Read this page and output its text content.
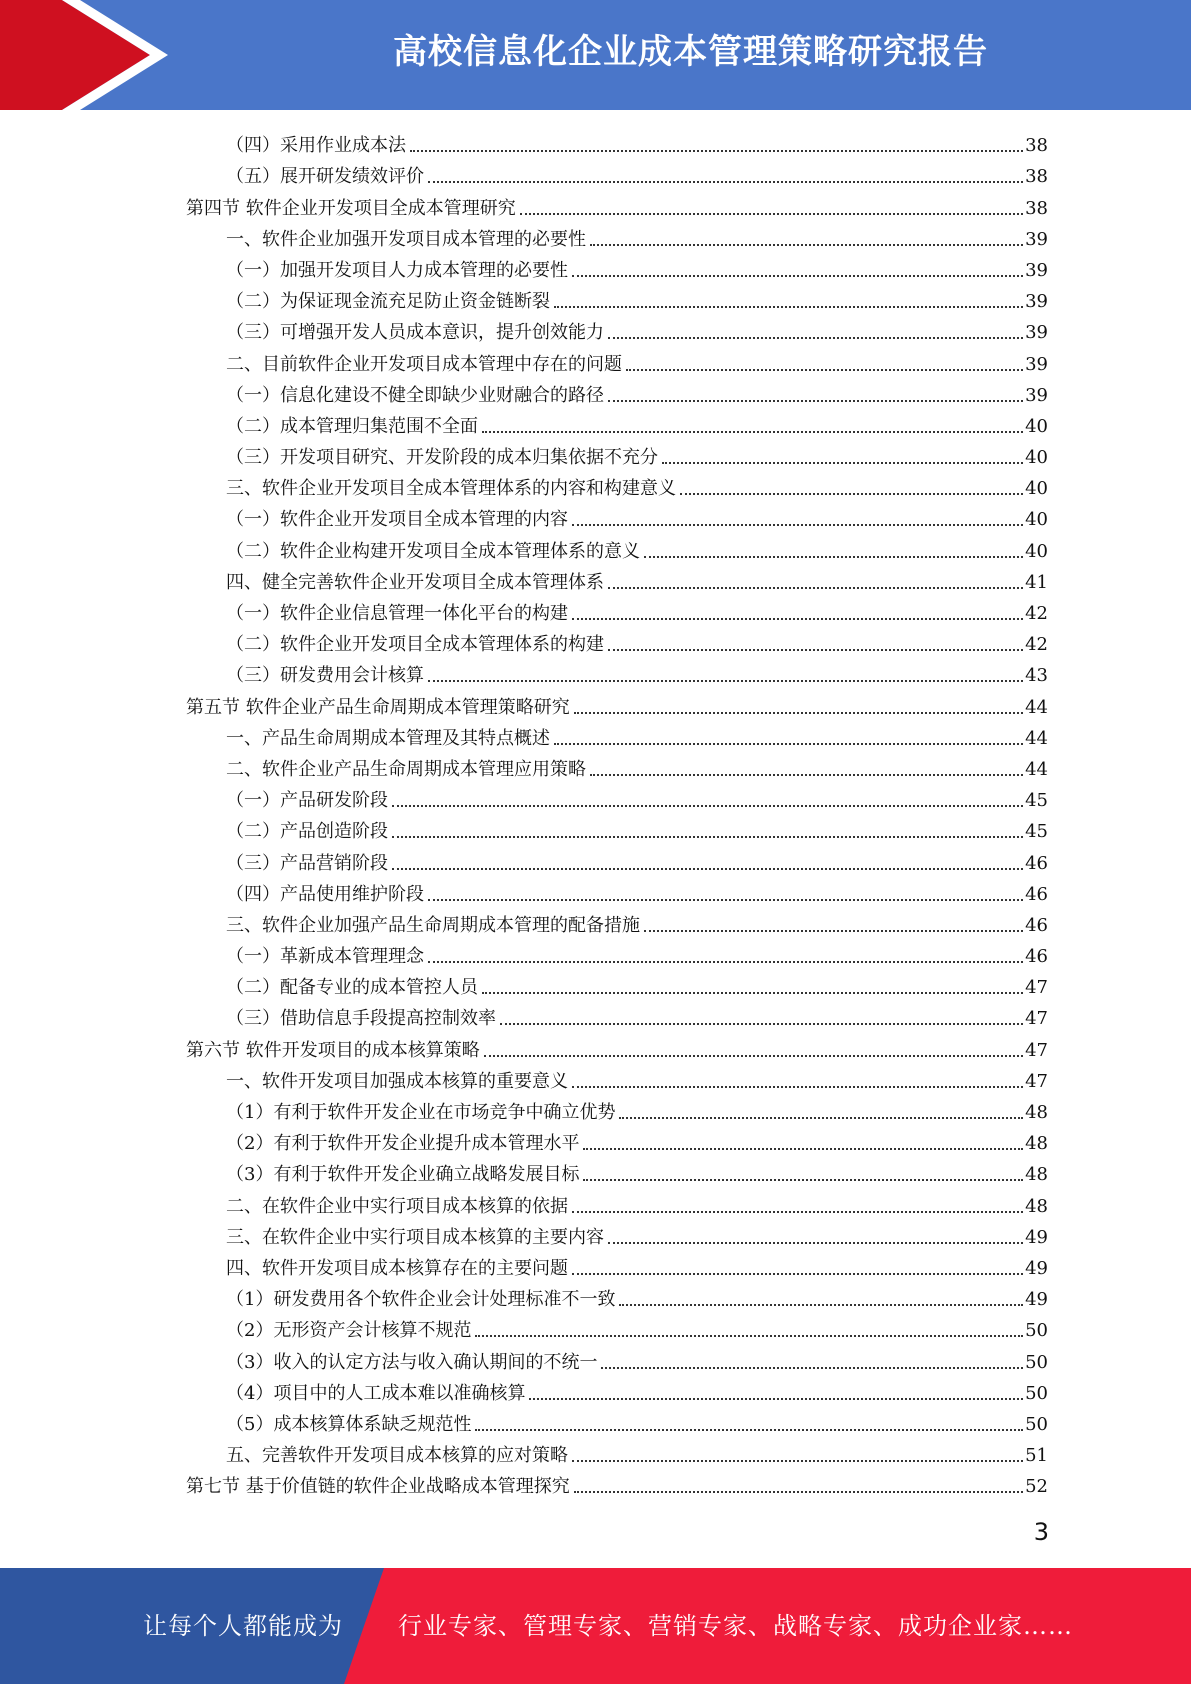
高校信息化企业成本管理策略研究报告
（四）采用作业成本法	38
（五）展开研发绩效评价	38
第四节 软件企业开发项目全成本管理研究	38
一、软件企业加强开发项目成本管理的必要性	39
（一）加强开发项目人力成本管理的必要性	39
（二）为保证现金流充足防止资金链断裂	39
（三）可增强开发人员成本意识，提升创效能力	39
二、目前软件企业开发项目成本管理中存在的问题	39
（一）信息化建设不健全即缺少业财融合的路径	39
（二）成本管理归集范围不全面	40
（三）开发项目研究、开发阶段的成本归集依据不充分	40
三、软件企业开发项目全成本管理体系的内容和构建意义	40
（一）软件企业开发项目全成本管理的内容	40
（二）软件企业构建开发项目全成本管理体系的意义	40
四、健全完善软件企业开发项目全成本管理体系	41
（一）软件企业信息管理一体化平台的构建	42
（二）软件企业开发项目全成本管理体系的构建	42
（三）研发费用会计核算	43
第五节 软件企业产品生命周期成本管理策略研究	44
一、产品生命周期成本管理及其特点概述	44
二、软件企业产品生命周期成本管理应用策略	44
（一）产品研发阶段	45
（二）产品创造阶段	45
（三）产品营销阶段	46
（四）产品使用维护阶段	46
三、软件企业加强产品生命周期成本管理的配备措施	46
（一）革新成本管理理念	46
（二）配备专业的成本管控人员	47
（三）借助信息手段提高控制效率	47
第六节 软件开发项目的成本核算策略	47
一、软件开发项目加强成本核算的重要意义	47
（1）有利于软件开发企业在市场竞争中确立优势	48
（2）有利于软件开发企业提升成本管理水平	48
（3）有利于软件开发企业确立战略发展目标	48
二、在软件企业中实行项目成本核算的依据	48
三、在软件企业中实行项目成本核算的主要内容	49
四、软件开发项目成本核算存在的主要问题	49
（1）研发费用各个软件企业会计处理标准不一致	49
（2）无形资产会计核算不规范	50
（3）收入的认定方法与收入确认期间的不统一	50
（4）项目中的人工成本难以准确核算	50
（5）成本核算体系缺乏规范性	50
五、完善软件开发项目成本核算的应对策略	51
第七节 基于价值链的软件企业战略成本管理探究	52
3
让每个人都能成为 行业专家、管理专家、营销专家、战略专家、成功企业家……
